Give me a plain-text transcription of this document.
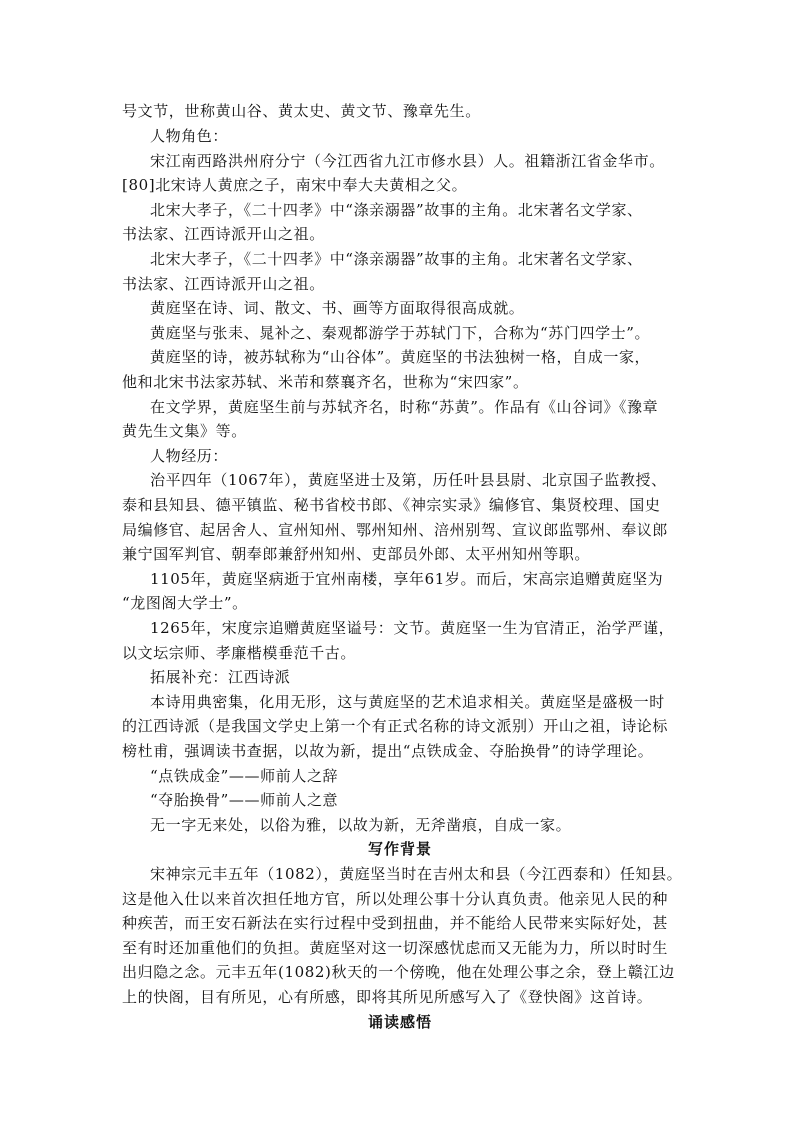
号文节，世称黄山谷、黄太史、黄文节、豫章先生。
人物角色：
宋江南西路洪州府分宁（今江西省九江市修水县）人。祖籍浙江省金华市。
[80]北宋诗人黄庶之子，南宋中奉大夫黄相之父。
北宋大孝子，《二十四孝》中“涤亲溺器”故事的主角。北宋著名文学家、
书法家、江西诗派开山之祖。
北宋大孝子，《二十四孝》中“涤亲溺器”故事的主角。北宋著名文学家、
书法家、江西诗派开山之祖。
黄庭坚在诗、词、散文、书、画等方面取得很高成就。
黄庭坚与张耒、晁补之、秦观都游学于苏轼门下，合称为“苏门四学士”。
黄庭坚的诗，被苏轼称为“山谷体”。黄庭坚的书法独树一格，自成一家，
他和北宋书法家苏轼、米芾和蔡襄齐名，世称为“宋四家”。
在文学界，黄庭坚生前与苏轼齐名，时称“苏黄”。作品有《山谷词》《豫章
黄先生文集》等。
人物经历：
治平四年（1067年），黄庭坚进士及第，历任叶县县尉、北京国子监教授、
泰和县知县、德平镇监、秘书省校书郎、《神宗实录》编修官、集贤校理、国史
局编修官、起居舍人、宣州知州、鄂州知州、涪州别驾、宣议郎监鄂州、奉议郎
兼宁国军判官、朝奉郎兼舒州知州、吏部员外郎、太平州知州等职。
1105年，黄庭坚病逝于宜州南楼，享年61岁。而后，宋高宗追赠黄庭坚为
“龙图阁大学士”。
1265年，宋度宗追赠黄庭坚谥号：文节。黄庭坚一生为官清正，治学严谨，
以文坛宗师、孝廉楷模垂范千古。
拓展补充：江西诗派
本诗用典密集，化用无形，这与黄庭坚的艺术追求相关。黄庭坚是盛极一时
的江西诗派（是我国文学史上第一个有正式名称的诗文派别）开山之祖，诗论标
榜杜甫，强调读书查据，以故为新，提出“点铁成金、夺胎换骨”的诗学理论。
“点铁成金”——师前人之辞
“夺胎换骨”——师前人之意
无一字无来处，以俗为雅，以故为新，无斧凿痕，自成一家。
写作背景
宋神宗元丰五年（1082），黄庭坚当时在吉州太和县（今江西泰和）任知县。
这是他入仕以来首次担任地方官，所以处理公事十分认真负责。他亲见人民的种
种疾苦，而王安石新法在实行过程中受到扭曲，并不能给人民带来实际好处，甚
至有时还加重他们的负担。黄庭坚对这一切深感忧虑而又无能为力，所以时时生
出归隐之念。元丰五年(1082)秋天的一个傍晚，他在处理公事之余，登上赣江边
上的快阁，目有所见，心有所感，即将其所见所感写入了《登快阁》这首诗。
诵读感悟
